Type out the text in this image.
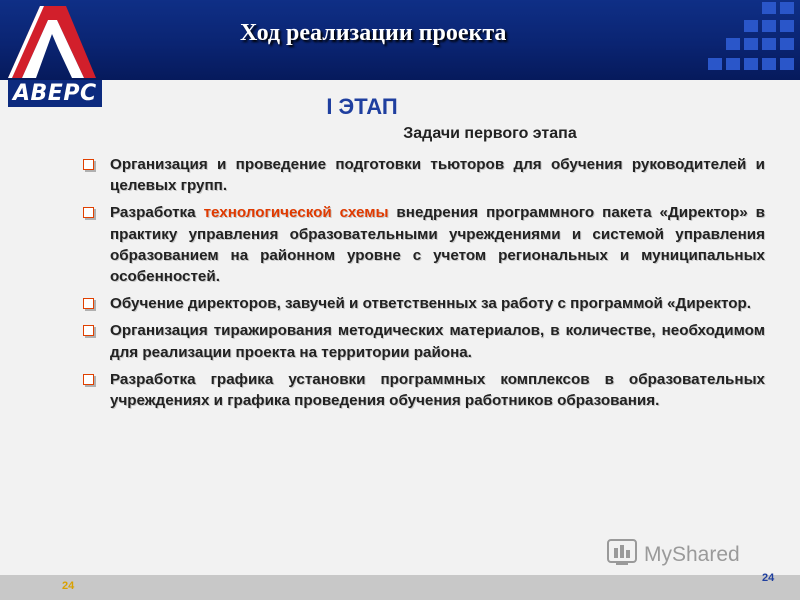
АВЕРС
Ход реализации проекта
I ЭТАП
Задачи первого этапа
Организация и проведение подготовки тьюторов для обучения руководителей и целевых групп.
Разработка технологической схемы внедрения программного пакета «Директор» в практику управления образовательными учреждениями и системой управления образованием на районном уровне с учетом региональных и муниципальных особенностей.
Обучение директоров, завучей и ответственных за работу с программой «Директор.
Организация тиражирования методических материалов, в количестве, необходимом для реализации проекта на территории района.
Разработка графика установки программных комплексов в образовательных учреждениях и графика проведения обучения работников образования.
MyShared
24
24
